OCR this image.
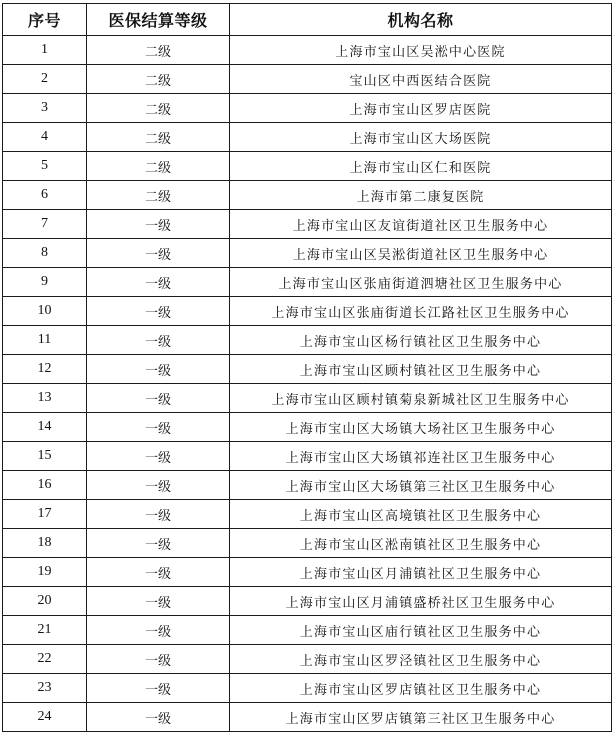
序号	医保结算等级	机构名称
1	二级	上海市宝山区吴淞中心医院
2	二级	宝山区中西医结合医院
3	二级	上海市宝山区罗店医院
4	二级	上海市宝山区大场医院
5	二级	上海市宝山区仁和医院
6	二级	上海市第二康复医院
7	一级	上海市宝山区友谊街道社区卫生服务中心
8	一级	上海市宝山区吴淞街道社区卫生服务中心
9	一级	上海市宝山区张庙街道泗塘社区卫生服务中心
10	一级	上海市宝山区张庙街道长江路社区卫生服务中心
11	一级	上海市宝山区杨行镇社区卫生服务中心
12	一级	上海市宝山区顾村镇社区卫生服务中心
13	一级	上海市宝山区顾村镇菊泉新城社区卫生服务中心
14	一级	上海市宝山区大场镇大场社区卫生服务中心
15	一级	上海市宝山区大场镇祁连社区卫生服务中心
16	一级	上海市宝山区大场镇第三社区卫生服务中心
17	一级	上海市宝山区高境镇社区卫生服务中心
18	一级	上海市宝山区淞南镇社区卫生服务中心
19	一级	上海市宝山区月浦镇社区卫生服务中心
20	一级	上海市宝山区月浦镇盛桥社区卫生服务中心
21	一级	上海市宝山区庙行镇社区卫生服务中心
22	一级	上海市宝山区罗泾镇社区卫生服务中心
23	一级	上海市宝山区罗店镇社区卫生服务中心
24	一级	上海市宝山区罗店镇第三社区卫生服务中心
